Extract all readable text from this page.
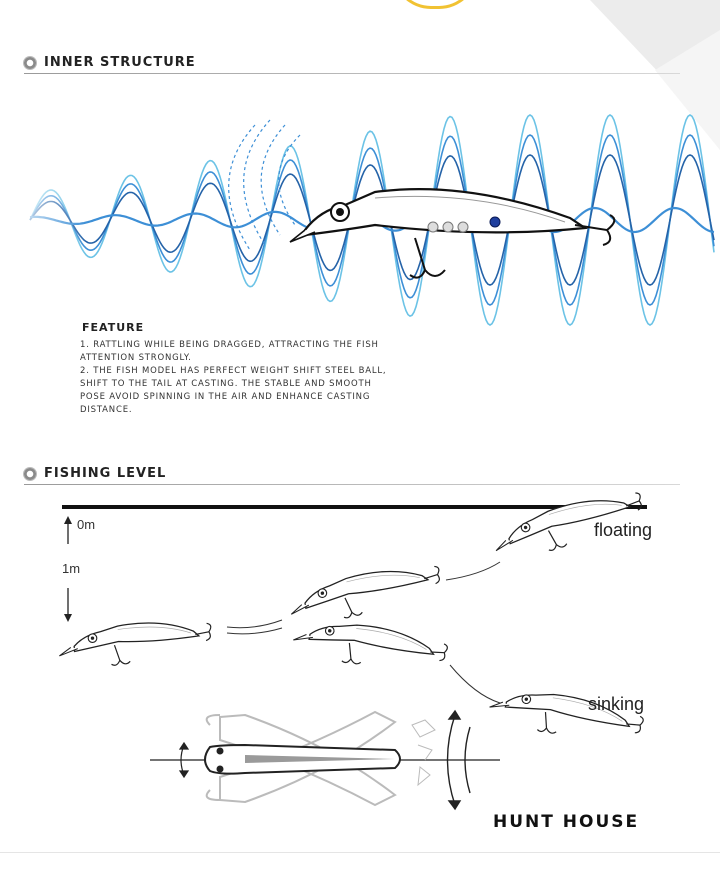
INNER STRUCTURE
FEATURE
1. RATTLING WHILE BEING DRAGGED, ATTRACTING THE FISH
ATTENTION STRONGLY.
2. THE FISH MODEL HAS PERFECT WEIGHT SHIFT STEEL BALL,
SHIFT TO THE TAIL AT CASTING. THE STABLE AND SMOOTH
POSE AVOID SPINNING IN THE AIR AND ENHANCE CASTING
DISTANCE.
FISHING LEVEL
0m
1m
floating
sinking
HUNT HOUSE
